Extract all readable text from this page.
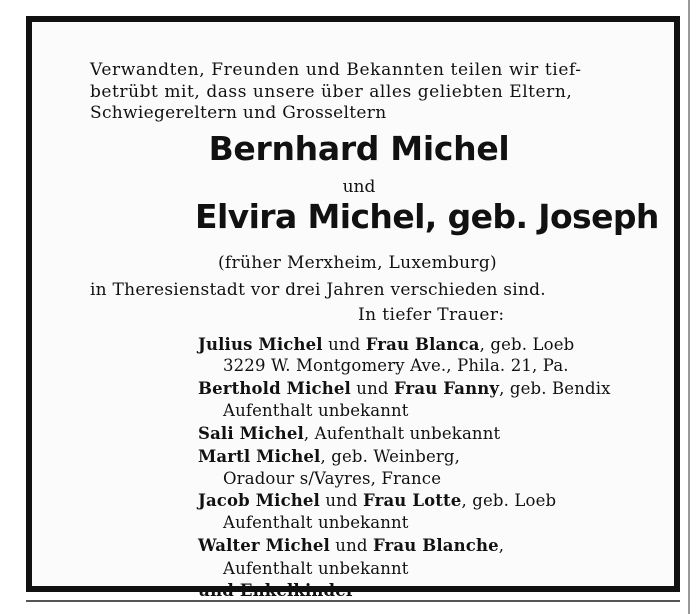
Verwandten, Freunden und Bekannten teilen wir tief-
betrübt mit, dass unsere über alles geliebten Eltern,
Schwiegereltern und Grosseltern
Bernhard Michel
und
Elvira Michel, geb. Joseph
(früher Merxheim, Luxemburg)
in Theresienstadt vor drei Jahren verschieden sind.
In tiefer Trauer:
Julius Michel und Frau Blanca, geb. Loeb
3229 W. Montgomery Ave., Phila. 21, Pa.
Berthold Michel und Frau Fanny, geb. Bendix
Aufenthalt unbekannt
Sali Michel, Aufenthalt unbekannt
Martl Michel, geb. Weinberg,
Oradour s/Vayres, France
Jacob Michel und Frau Lotte, geb. Loeb
Aufenthalt unbekannt
Walter Michel und Frau Blanche,
Aufenthalt unbekannt
und Enkelkinder
